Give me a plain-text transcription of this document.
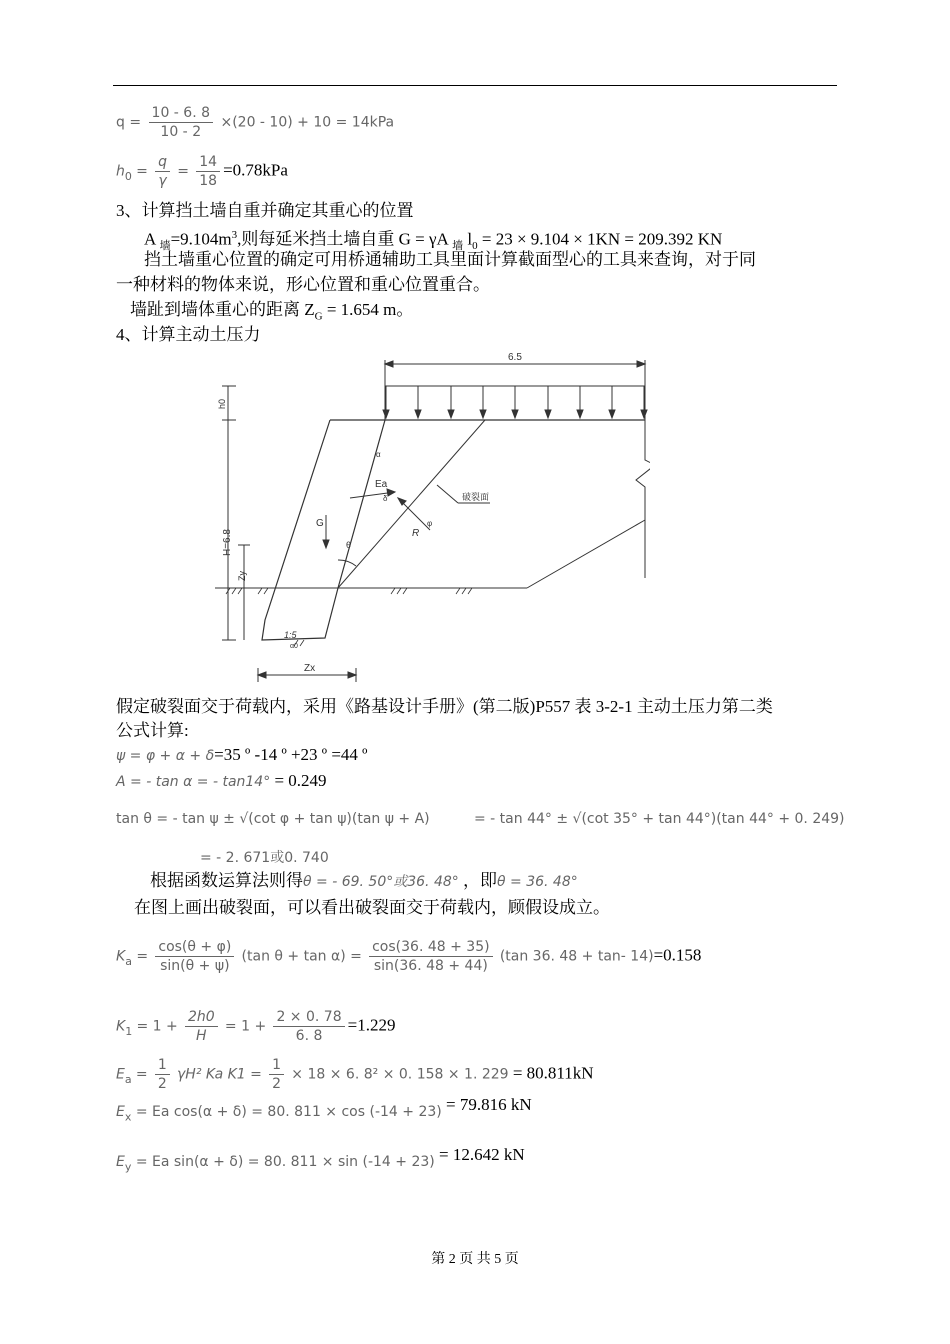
$q = \frac{10 - 6. 8}{10 - 2} \times(20 - 10) + 10 = 14kPa$
$h_0 = \frac{q}{\gamma} = \frac{14}{18} =0.78kPa$
3、计算挡土墙自重并确定其重心的位置
A $_墙=9.104m^3$,则每延米挡土墙自重 G = γA $_墙$ $l_0 = 23 \times 9.104 \times 1KN = 209.392$ KN
挡土墙重心位置的确定可用桥通辅助工具里面计算截面型心的工具来查询，对于同
一种材料的物体来说，形心位置和重心位置重合。
墙趾到墙体重心的距离 $Z_G = 1.654$ m。
4、计算主动土压力
6.5
破裂面
Ea
δ
R
φ
G
θ
α
h0
H=6.8
Zy
1:5
α0
Zx
假定破裂面交于荷载内，采用《路基设计手册》(第二版)P557 表 3-2-1 主动土压力第二类
公式计算:
ψ = φ + α + δ=35 º -14 º +23 º =44 º
A = - tan α = - tan14° = 0.249
tan θ = - tan ψ ± √(cot φ + tan ψ)(tan ψ + A)	= - tan 44° ± √(cot 35° + tan 44°)(tan 44° + 0. 249)
= - 2. 671或0. 740
根据函数运算法则得θ = - 69. 50°或36. 48° ，即θ = 36. 48°
在图上画出破裂面，可以看出破裂面交于荷载内，顾假设成立。
$K_a = \frac{\cos(\theta + \varphi)}{\sin(\theta + \psi)} (\tan$ $\theta + \tan \alpha) = \frac{\cos(36. 48 + 35)}{\sin(36. 48 + 44)} (\tan$ 36. 48 + tan- 14)=0.158
$K_1 = 1 + \frac{2h0}{H} = 1 + \frac{2 \times 0. 78}{6. 8} =1.229$
$E_a = \frac{1}{2} \gamma H^2$ Ka $K1 = \frac{1}{2} \times 18 \times 6$. 8² × 0. 158 × 1. 229 = 80.811kN
$E_x = Ea$ cos(α + δ) = 80. 811 × cos (-14 + 23) = 79.816 kN
$E_y = Ea$ sin(α + δ) = 80. 811 × sin (-14 + 23) = 12.642 kN
第 2 页 共 5 页
